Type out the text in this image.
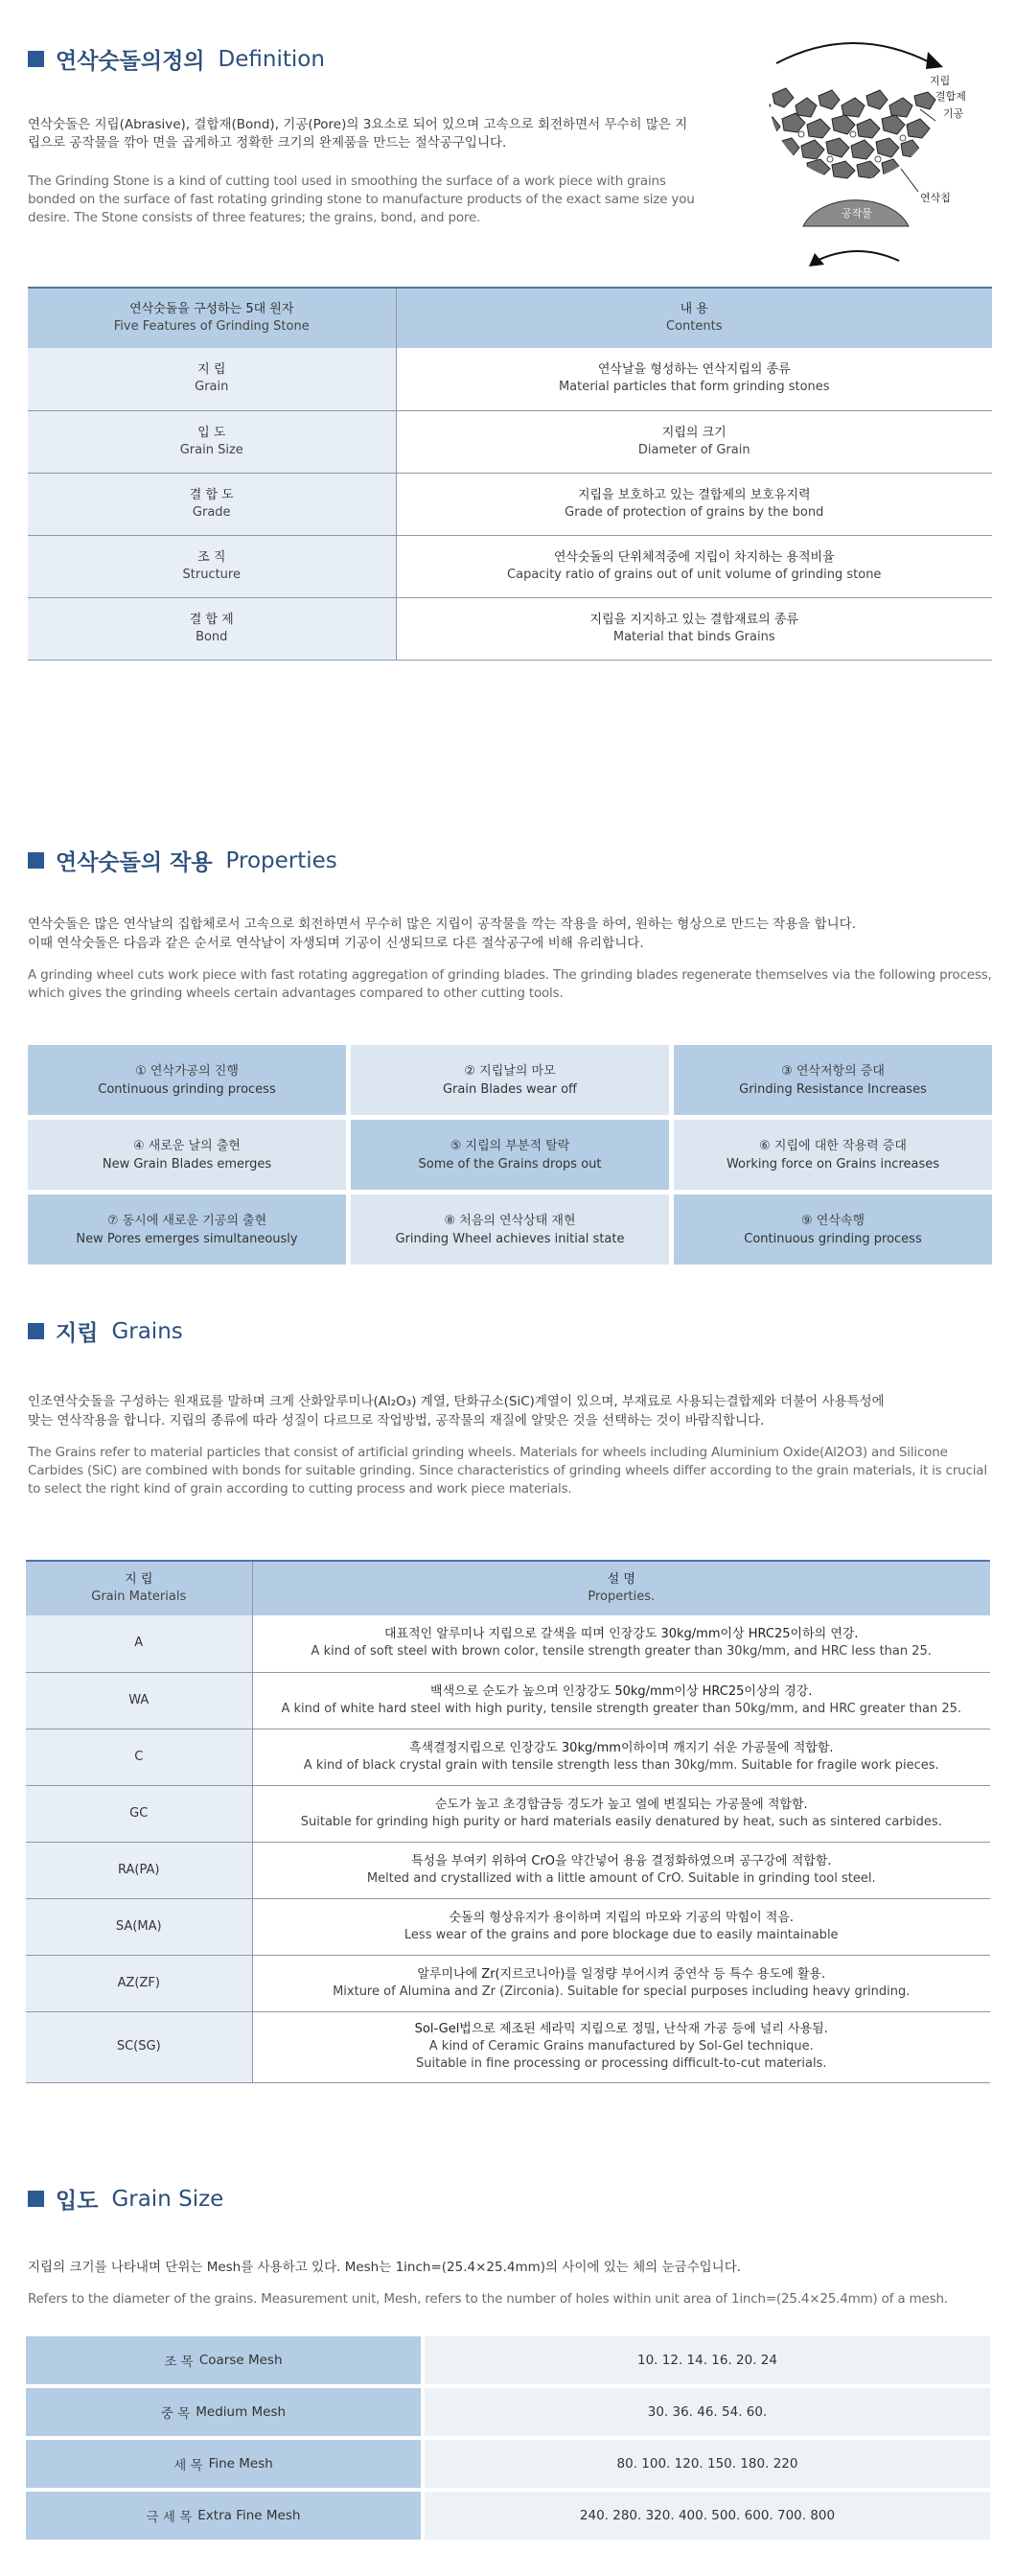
연삭숫돌의정의 Definition

연삭숫돌은 지립(Abrasive), 결합재(Bond), 기공(Pore)의 3요소로 되어 있으며 고속으로 회전하면서 무수히 많은 지립으로 공작물을 깎아 면을 곱게하고 정확한 크기의 완제품을 만드는 절삭공구입니다.

The Grinding Stone is a kind of cutting tool used in smoothing the surface of a work piece with grains bonded on the surface of fast rotating grinding stone to manufacture products of the exact same size you desire. The Stone consists of three features; the grains, bond, and pore.	공작물
지립
결합제
기공
연삭칩
연삭숫돌을 구성하는 5대 원자
Five Features of Grinding Stone	내 용
Contents

지 립
Grain	연삭날을 형성하는 연삭지립의 종류
Material particles that form grinding stones

입 도
Grain Size	지립의 크기
Diameter of Grain

결 합 도
Grade	지립을 보호하고 있는 결합제의 보호유지력
Grade of protection of grains by the bond

조 직
Structure	연삭숫돌의 단위체적중에 지립이 차지하는 용적비율
Capacity ratio of grains out of unit volume of grinding stone

결 합 제
Bond	지립을 지지하고 있는 결합재료의 종류
Material that binds Grains
연삭숫돌의 작용 Properties

연삭숫돌은 많은 연삭날의 집합체로서 고속으로 회전하면서 무수히 많은 지립이 공작물을 깍는 작용을 하여, 원하는 형상으로 만드는 작용을 합니다.

이때 연삭숫돌은 다음과 같은 순서로 연삭날이 자생되며 기공이 신생되므로 다른 절삭공구에 비해 유리합니다.

A grinding wheel cuts work piece with fast rotating aggregation of grinding blades. The grinding blades regenerate themselves via the following process, which gives the grinding wheels certain advantages compared to other cutting tools.

① 연삭가공의 진행
Continuous grinding process
② 지립날의 마모
Grain Blades wear off
③ 연삭저항의 증대
Grinding Resistance Increases
④ 새로운 날의 출현
New Grain Blades emerges
⑤ 지립의 부분적 탈락
Some of the Grains drops out
⑥ 지립에 대한 작용력 증대
Working force on Grains increases
⑦ 동시에 새로운 기공의 출현
New Pores emerges simultaneously
⑧ 처음의 연삭상태 재현
Grinding Wheel achieves initial state
⑨ 연삭속행
Continuous grinding process
지립 Grains

인조연삭숫돌을 구성하는 원재료를 말하며 크게 산화알루미나(Al₂O₃) 계열, 탄화규소(SiC)계열이 있으며, 부재료로 사용되는결합제와 더불어 사용특성에

맞는 연삭작용을 합니다. 지립의 종류에 따라 성질이 다르므로 작업방법, 공작물의 재질에 알맞은 것을 선택하는 것이 바람직합니다.

The Grains refer to material particles that consist of artificial grinding wheels. Materials for wheels including Aluminium Oxide(Al2O3) and Silicone Carbides (SiC) are combined with bonds for suitable grinding. Since characteristics of grinding wheels differ according to the grain materials, it is crucial to select the right kind of grain according to cutting process and work piece materials.

지 립
Grain Materials	설 명
Properties.

A	대표적인 알루미나 지립으로 갈색을 띠며 인장강도 30kg/mm이상 HRC25이하의 연강.
A kind of soft steel with brown color, tensile strength greater than 30kg/mm, and HRC less than 25.

WA	백색으로 순도가 높으며 인장강도 50kg/mm이상 HRC25이상의 경강.
A kind of white hard steel with high purity, tensile strength greater than 50kg/mm, and HRC greater than 25.

C	흑색결정지립으로 인장강도 30kg/mm이하이며 깨지기 쉬운 가공물에 적합함.
A kind of black crystal grain with tensile strength less than 30kg/mm. Suitable for fragile work pieces.

GC	순도가 높고 초경합금등 경도가 높고 열에 변질되는 가공물에 적합함.
Suitable for grinding high purity or hard materials easily denatured by heat, such as sintered carbides.

RA(PA)	특성을 부여키 위하여 CrO을 약간넣어 용융 결정화하였으며 공구강에 적합함.
Melted and crystallized with a little amount of CrO. Suitable in grinding tool steel.

SA(MA)	숫돌의 형상유지가 용이하며 지립의 마모와 기공의 막힘이 적음.
Less wear of the grains and pore blockage due to easily maintainable

AZ(ZF)	알루미나에 Zr(지르코니아)를 일정량 부어시켜 중연삭 등 특수 용도에 활용.
Mixture of Alumina and Zr (Zirconia). Suitable for special purposes including heavy grinding.

SC(SG)	Sol-Gel법으로 제조된 세라믹 지립으로 정밀, 난삭재 가공 등에 널리 사용됨.
A kind of Ceramic Grains manufactured by Sol-Gel technique.
Suitable in fine processing or processing difficult-to-cut materials.
입도 Grain Size

지립의 크기를 나타내며 단위는 Mesh를 사용하고 있다. Mesh는 1inch=(25.4×25.4mm)의 사이에 있는 체의 눈금수입니다.

Refers to the diameter of the grains. Measurement unit, Mesh, refers to the number of holes within unit area of 1inch=(25.4×25.4mm) of a mesh.

조 목 Coarse Mesh	10. 12. 14. 16. 20. 24
중 목 Medium Mesh	30. 36. 46. 54. 60.
세 목 Fine Mesh	80. 100. 120. 150. 180. 220
극 세 목 Extra Fine Mesh	240. 280. 320. 400. 500. 600. 700. 800
